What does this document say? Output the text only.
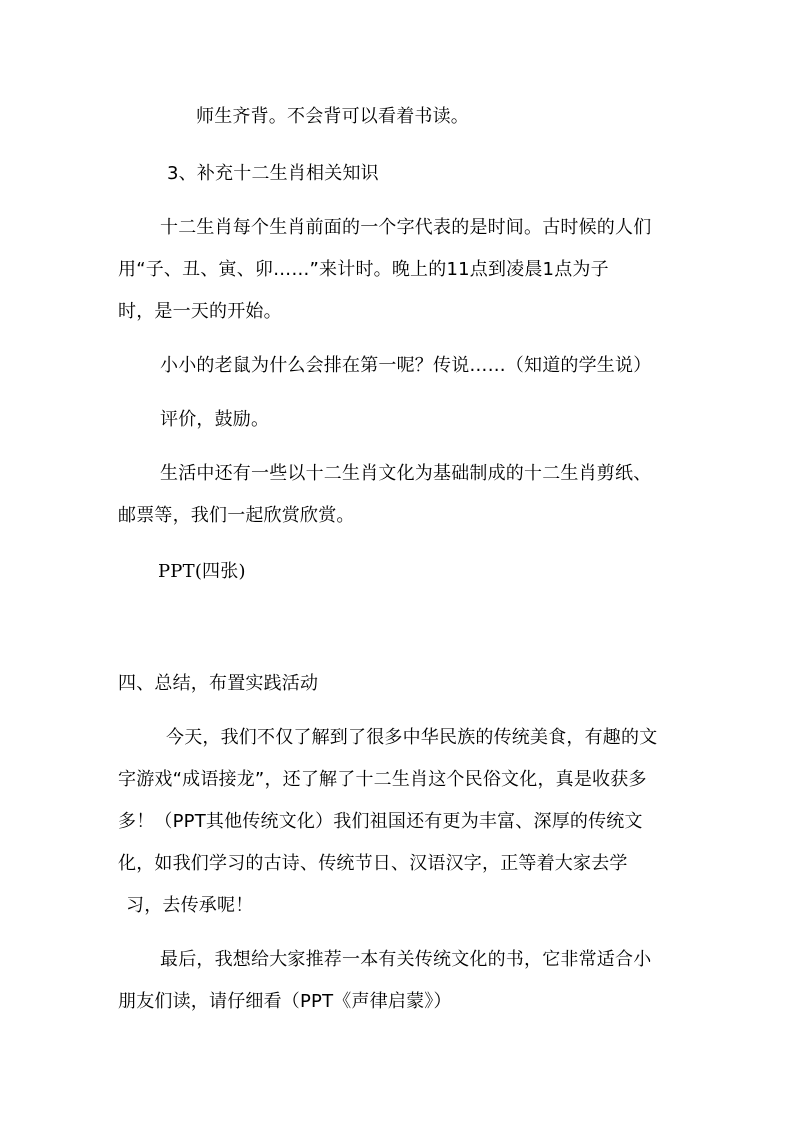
师生齐背。不会背可以看着书读。
3、补充十二生肖相关知识
十二生肖每个生肖前面的一个字代表的是时间。古时候的人们
用“子、丑、寅、卯……”来计时。晚上的11点到凌晨1点为子
时，是一天的开始。
小小的老鼠为什么会排在第一呢？传说……（知道的学生说）
评价，鼓励。
生活中还有一些以十二生肖文化为基础制成的十二生肖剪纸、
邮票等，我们一起欣赏欣赏。
PPT(四张)
四、总结，布置实践活动
今天，我们不仅了解到了很多中华民族的传统美食，有趣的文
字游戏“成语接龙”，还了解了十二生肖这个民俗文化，真是收获多
多！（PPT其他传统文化）我们祖国还有更为丰富、深厚的传统文
化，如我们学习的古诗、传统节日、汉语汉字，正等着大家去学
习，去传承呢！
最后，我想给大家推荐一本有关传统文化的书，它非常适合小
朋友们读，请仔细看（PPT《声律启蒙》）
